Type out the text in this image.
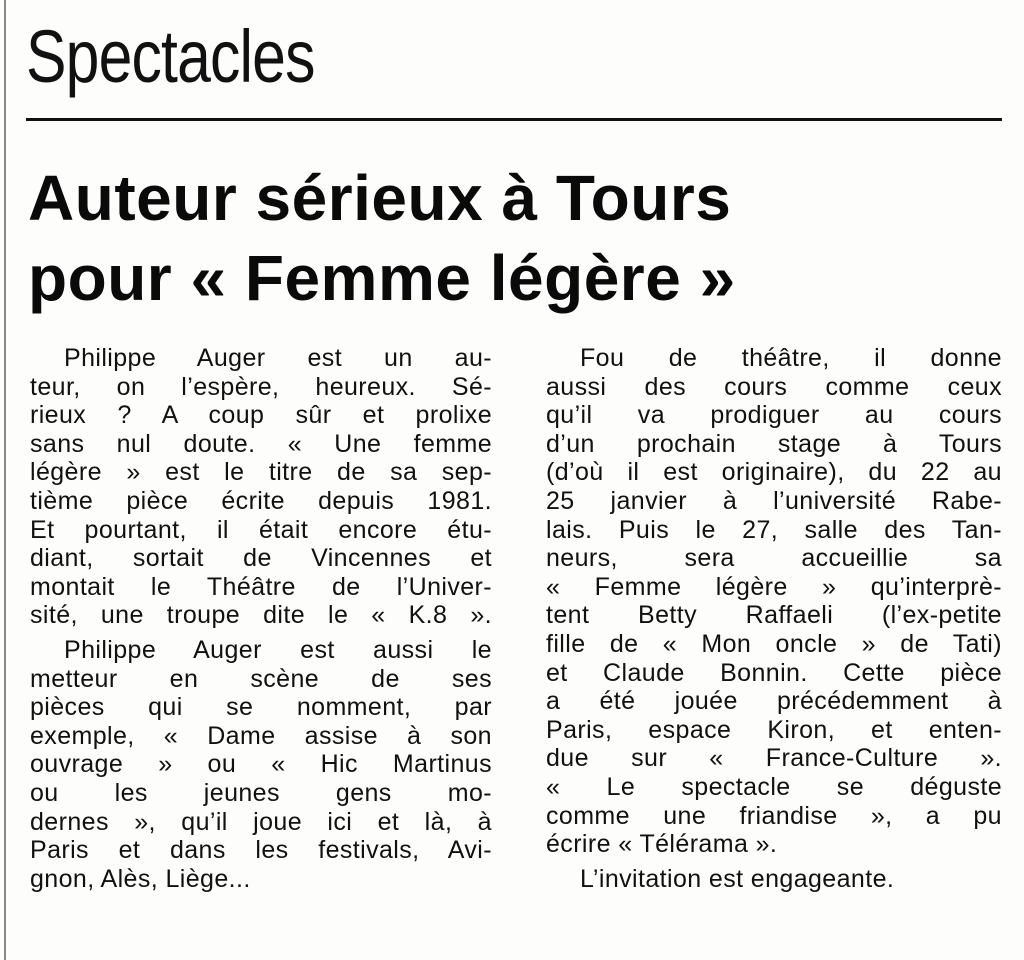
Spectacles
Auteur sérieux à Tours
pour « Femme légère »
Philippe Auger est un au-
teur, on l’espère, heureux. Sé-
rieux ? A coup sûr et prolixe
sans nul doute. « Une femme
légère » est le titre de sa sep-
tième pièce écrite depuis 1981.
Et pourtant, il était encore étu-
diant, sortait de Vincennes et
montait le Théâtre de l’Univer-
sité, une troupe dite le « K.8 ».
Philippe Auger est aussi le
metteur en scène de ses
pièces qui se nomment, par
exemple, « Dame assise à son
ouvrage » ou « Hic Martinus
ou les jeunes gens mo-
dernes », qu’il joue ici et là, à
Paris et dans les festivals, Avi-
gnon, Alès, Liège...
Fou de théâtre, il donne
aussi des cours comme ceux
qu’il va prodiguer au cours
d’un prochain stage à Tours
(d’où il est originaire), du 22 au
25 janvier à l’université Rabe-
lais. Puis le 27, salle des Tan-
neurs, sera accueillie sa
« Femme légère » qu’interprè-
tent Betty Raffaeli (l’ex-petite
fille de « Mon oncle » de Tati)
et Claude Bonnin. Cette pièce
a été jouée précédemment à
Paris, espace Kiron, et enten-
due sur « France-Culture ».
« Le spectacle se déguste
comme une friandise », a pu
écrire « Télérama ».
L’invitation est engageante.
